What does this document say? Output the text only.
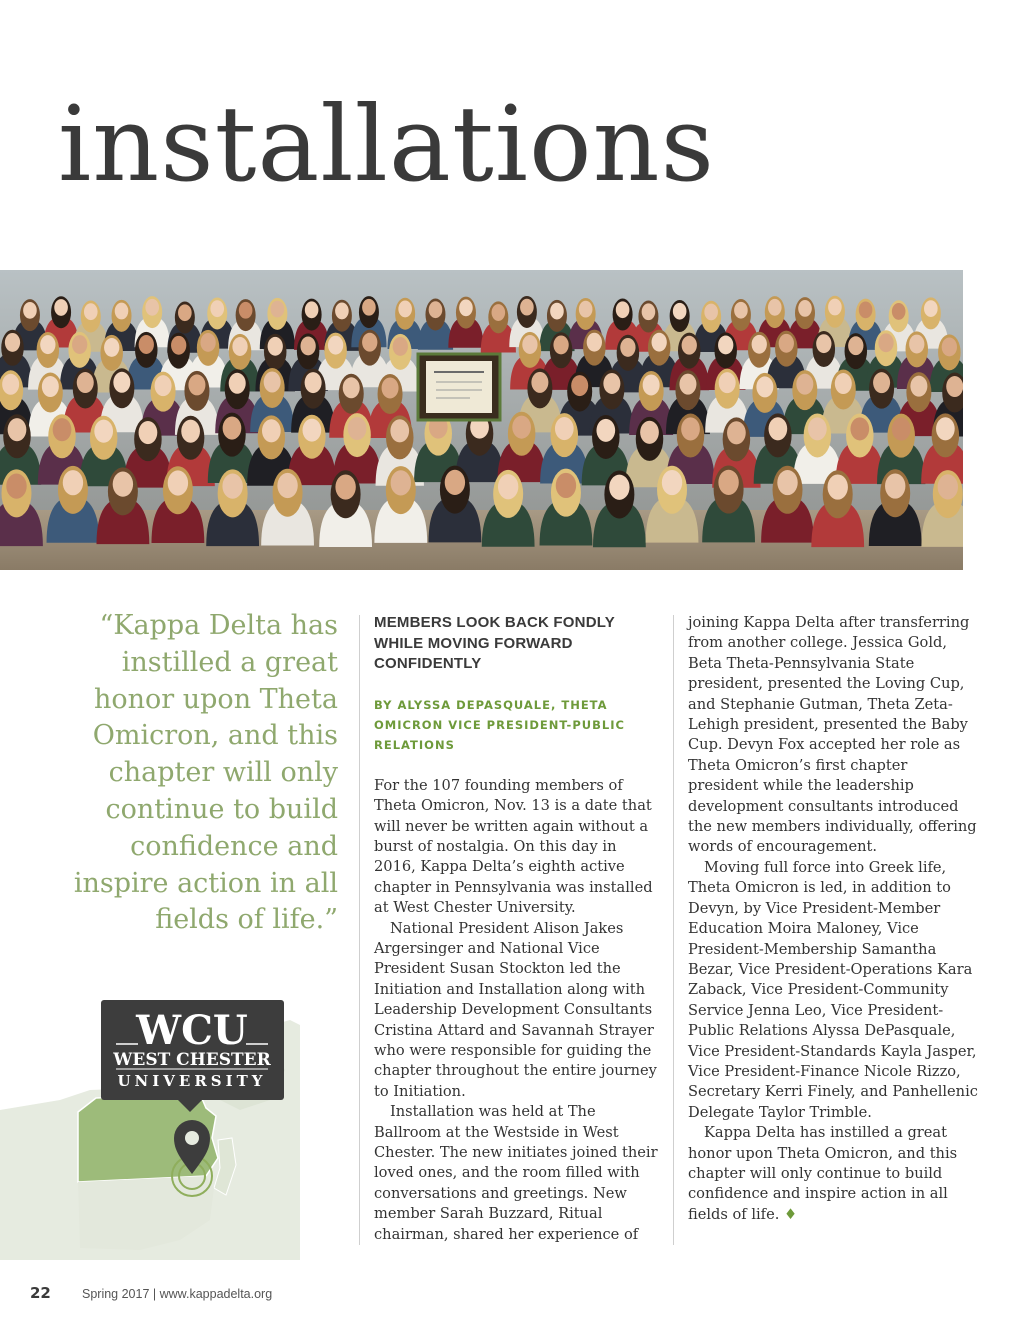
installations

“Kappa Delta has instilled a great honor upon Theta Omicron, and this chapter will only continue to build confidence and inspire action in all fields of life.”

MEMBERS LOOK BACK FONDLY WHILE MOVING FORWARD CONFIDENTLY
BY ALYSSA DEPASQUALE, THETA OMICRON VICE PRESIDENT-PUBLIC RELATIONS

For the 107 founding members of Theta Omicron, Nov. 13 is a date that will never be written again without a burst of nostalgia. On this day in 2016, Kappa Delta’s eighth active chapter in Pennsylvania was installed at West Chester University.

National President Alison Jakes Argersinger and National Vice President Susan Stockton led the Initiation and Installation along with Leadership Development Consultants Cristina Attard and Savannah Strayer who were responsible for guiding the chapter throughout the entire journey to Initiation.

Installation was held at The Ballroom at the Westside in West Chester. The new initiates joined their loved ones, and the room filled with conversations and greetings. New member Sarah Buzzard, Ritual chairman, shared her experience of

joining Kappa Delta after transferring from another college. Jessica Gold, Beta Theta-Pennsylvania State president, presented the Loving Cup, and Stephanie Gutman, Theta Zeta-Lehigh president, presented the Baby Cup. Devyn Fox accepted her role as Theta Omicron’s first chapter president while the leadership development consultants introduced the new members individually, offering words of encouragement.

Moving full force into Greek life, Theta Omicron is led, in addition to Devyn, by Vice President-Member Education Moira Maloney, Vice President-Membership Samantha Bezar, Vice President-Operations Kara Zaback, Vice President-Community Service Jenna Leo, Vice President-Public Relations Alyssa DePasquale, Vice President-Standards Kayla Jasper, Vice President-Finance Nicole Rizzo, Secretary Kerri Finely, and Panhellenic Delegate Taylor Trimble.

Kappa Delta has instilled a great honor upon Theta Omicron, and this chapter will only continue to build confidence and inspire action in all fields of life. ♦

WCU
WEST CHESTER
UNIVERSITY
22 Spring 2017 | www.kappadelta.org
